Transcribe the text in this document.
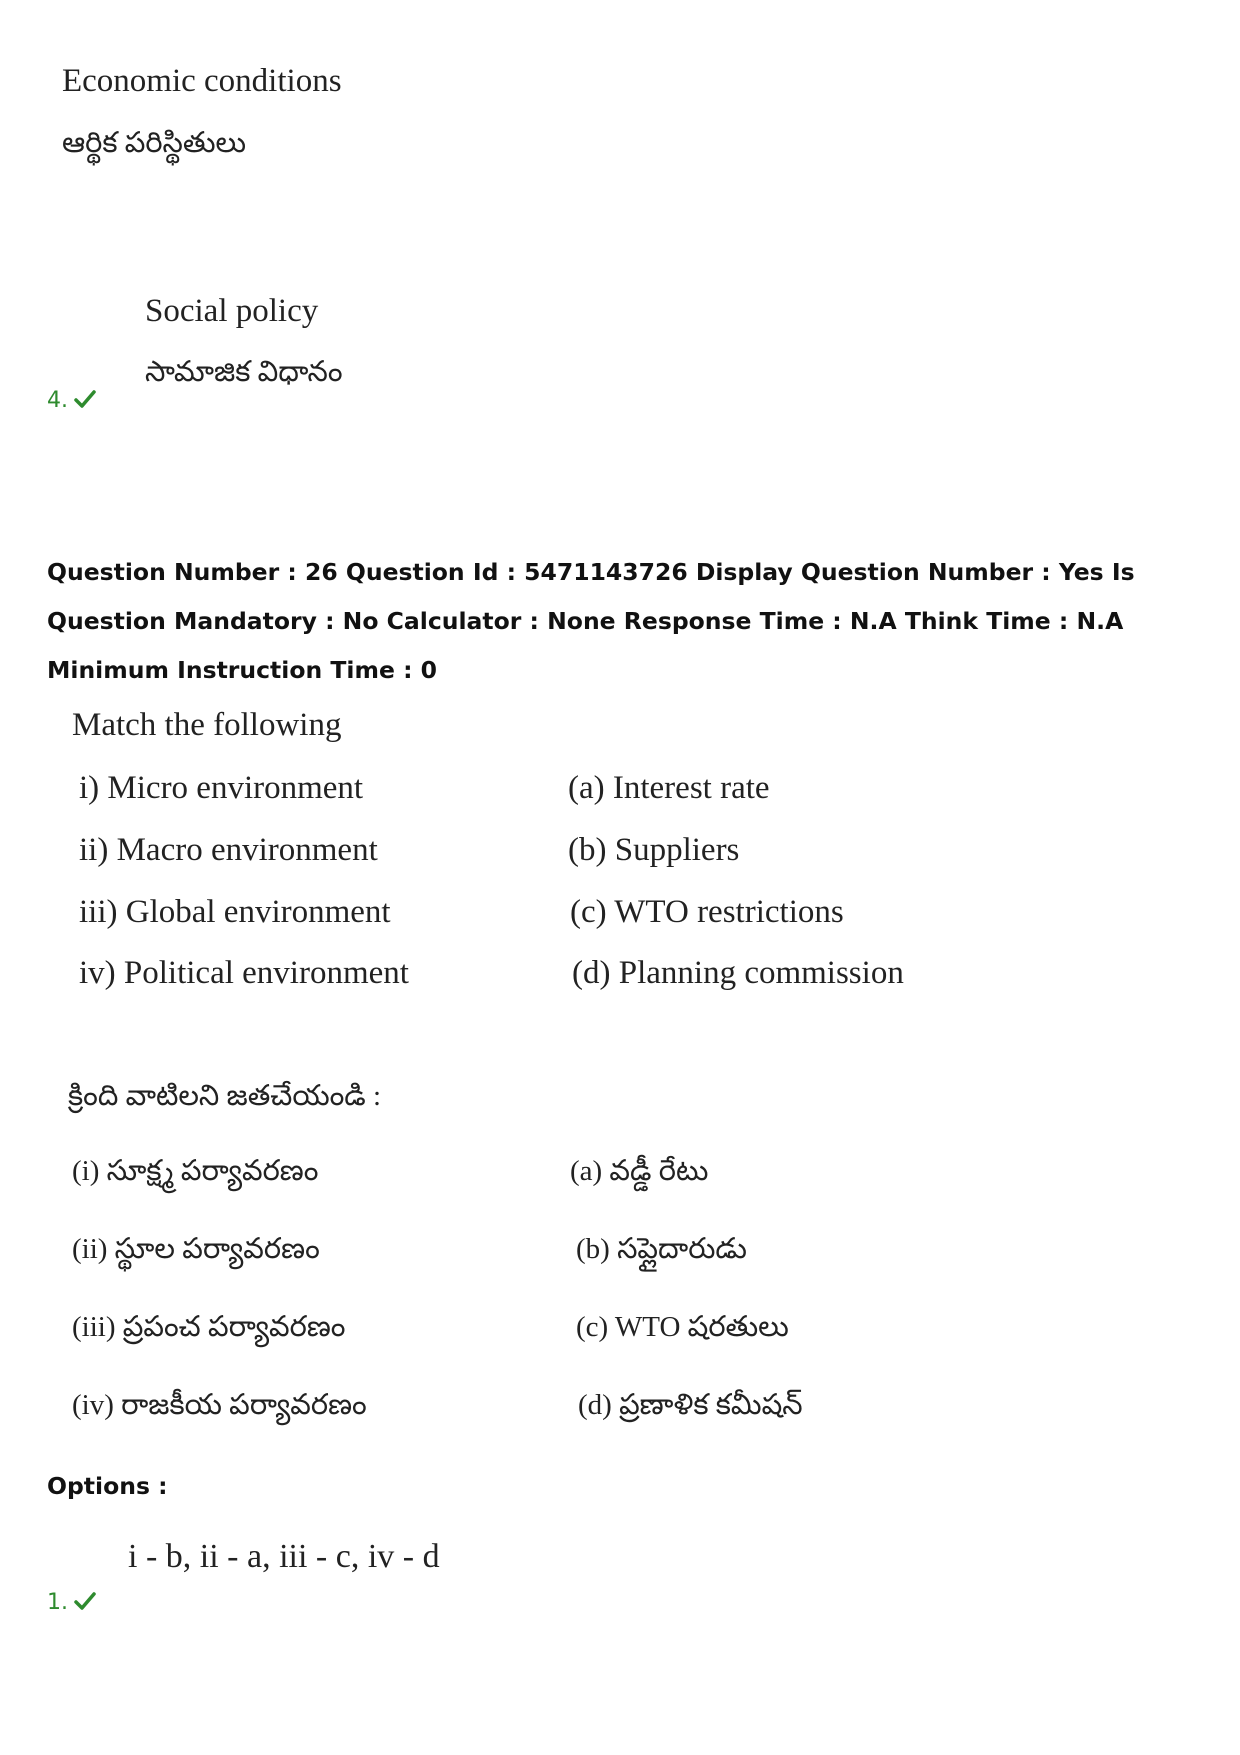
Economic conditions
ఆర్థిక పరిస్థితులు
Social policy
సామాజిక విధానం
4.
Question Number : 26 Question Id : 5471143726 Display Question Number : Yes Is Question Mandatory : No Calculator : None Response Time : N.A Think Time : N.A Minimum Instruction Time : 0
Match the following
i) Micro environment
ii) Macro environment
iii) Global environment
iv) Political environment
(a) Interest rate
(b) Suppliers
(c) WTO restrictions
(d) Planning commission
క్రింది వాటిలని జతచేయండి :
(i) సూక్ష్మ పర్యావరణం
(ii) స్థూల పర్యావరణం
(iii) ప్రపంచ పర్యావరణం
(iv) రాజకీయ పర్యావరణం
(a) వడ్డీ రేటు
(b) సప్లైదారుడు
(c) WTO షరతులు
(d) ప్రణాళిక కమీషన్
Options :
i - b, ii - a, iii - c, iv - d
1.
